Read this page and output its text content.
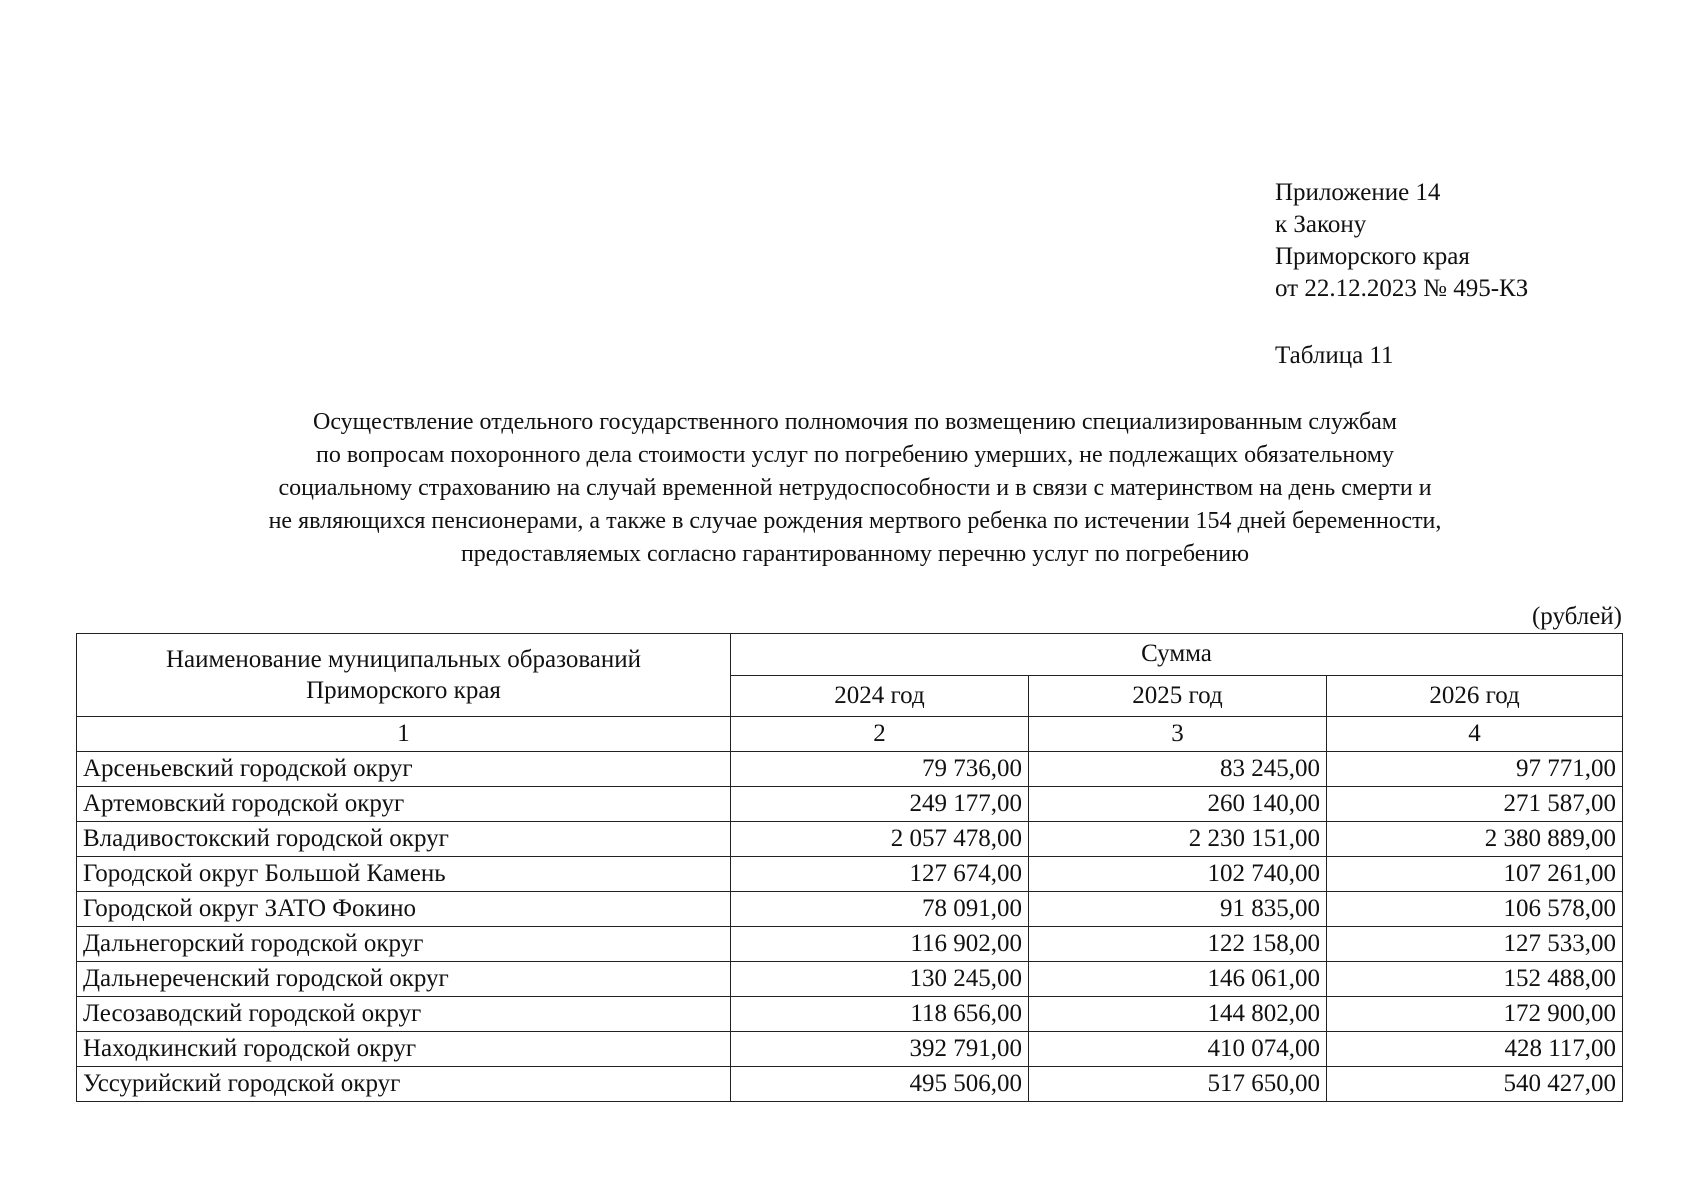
Приложение 14
к Закону
Приморского края
от 22.12.2023 № 495-КЗ
Таблица 11
Осуществление отдельного государственного полномочия по возмещению специализированным службам
по вопросам похоронного дела стоимости услуг по погребению умерших, не подлежащих обязательному
социальному страхованию на случай временной нетрудоспособности и в связи с материнством на день смерти и
не являющихся пенсионерами, а также в случае рождения мертвого ребенка по истечении 154 дней беременности,
предоставляемых согласно гарантированному перечню услуг по погребению
(рублей)
Наименование муниципальных образований
Приморского края	Сумма		
	2024 год	2025 год	2026 год
1	2	3	4
Арсеньевский городской округ	79 736,00	83 245,00	97 771,00
Артемовский городской округ	249 177,00	260 140,00	271 587,00
Владивостокский городской округ	2 057 478,00	2 230 151,00	2 380 889,00
Городской округ Большой Камень	127 674,00	102 740,00	107 261,00
Городской округ ЗАТО Фокино	78 091,00	91 835,00	106 578,00
Дальнегорский городской округ	116 902,00	122 158,00	127 533,00
Дальнереченский городской округ	130 245,00	146 061,00	152 488,00
Лесозаводский городской округ	118 656,00	144 802,00	172 900,00
Находкинский городской округ	392 791,00	410 074,00	428 117,00
Уссурийский городской округ	495 506,00	517 650,00	540 427,00
